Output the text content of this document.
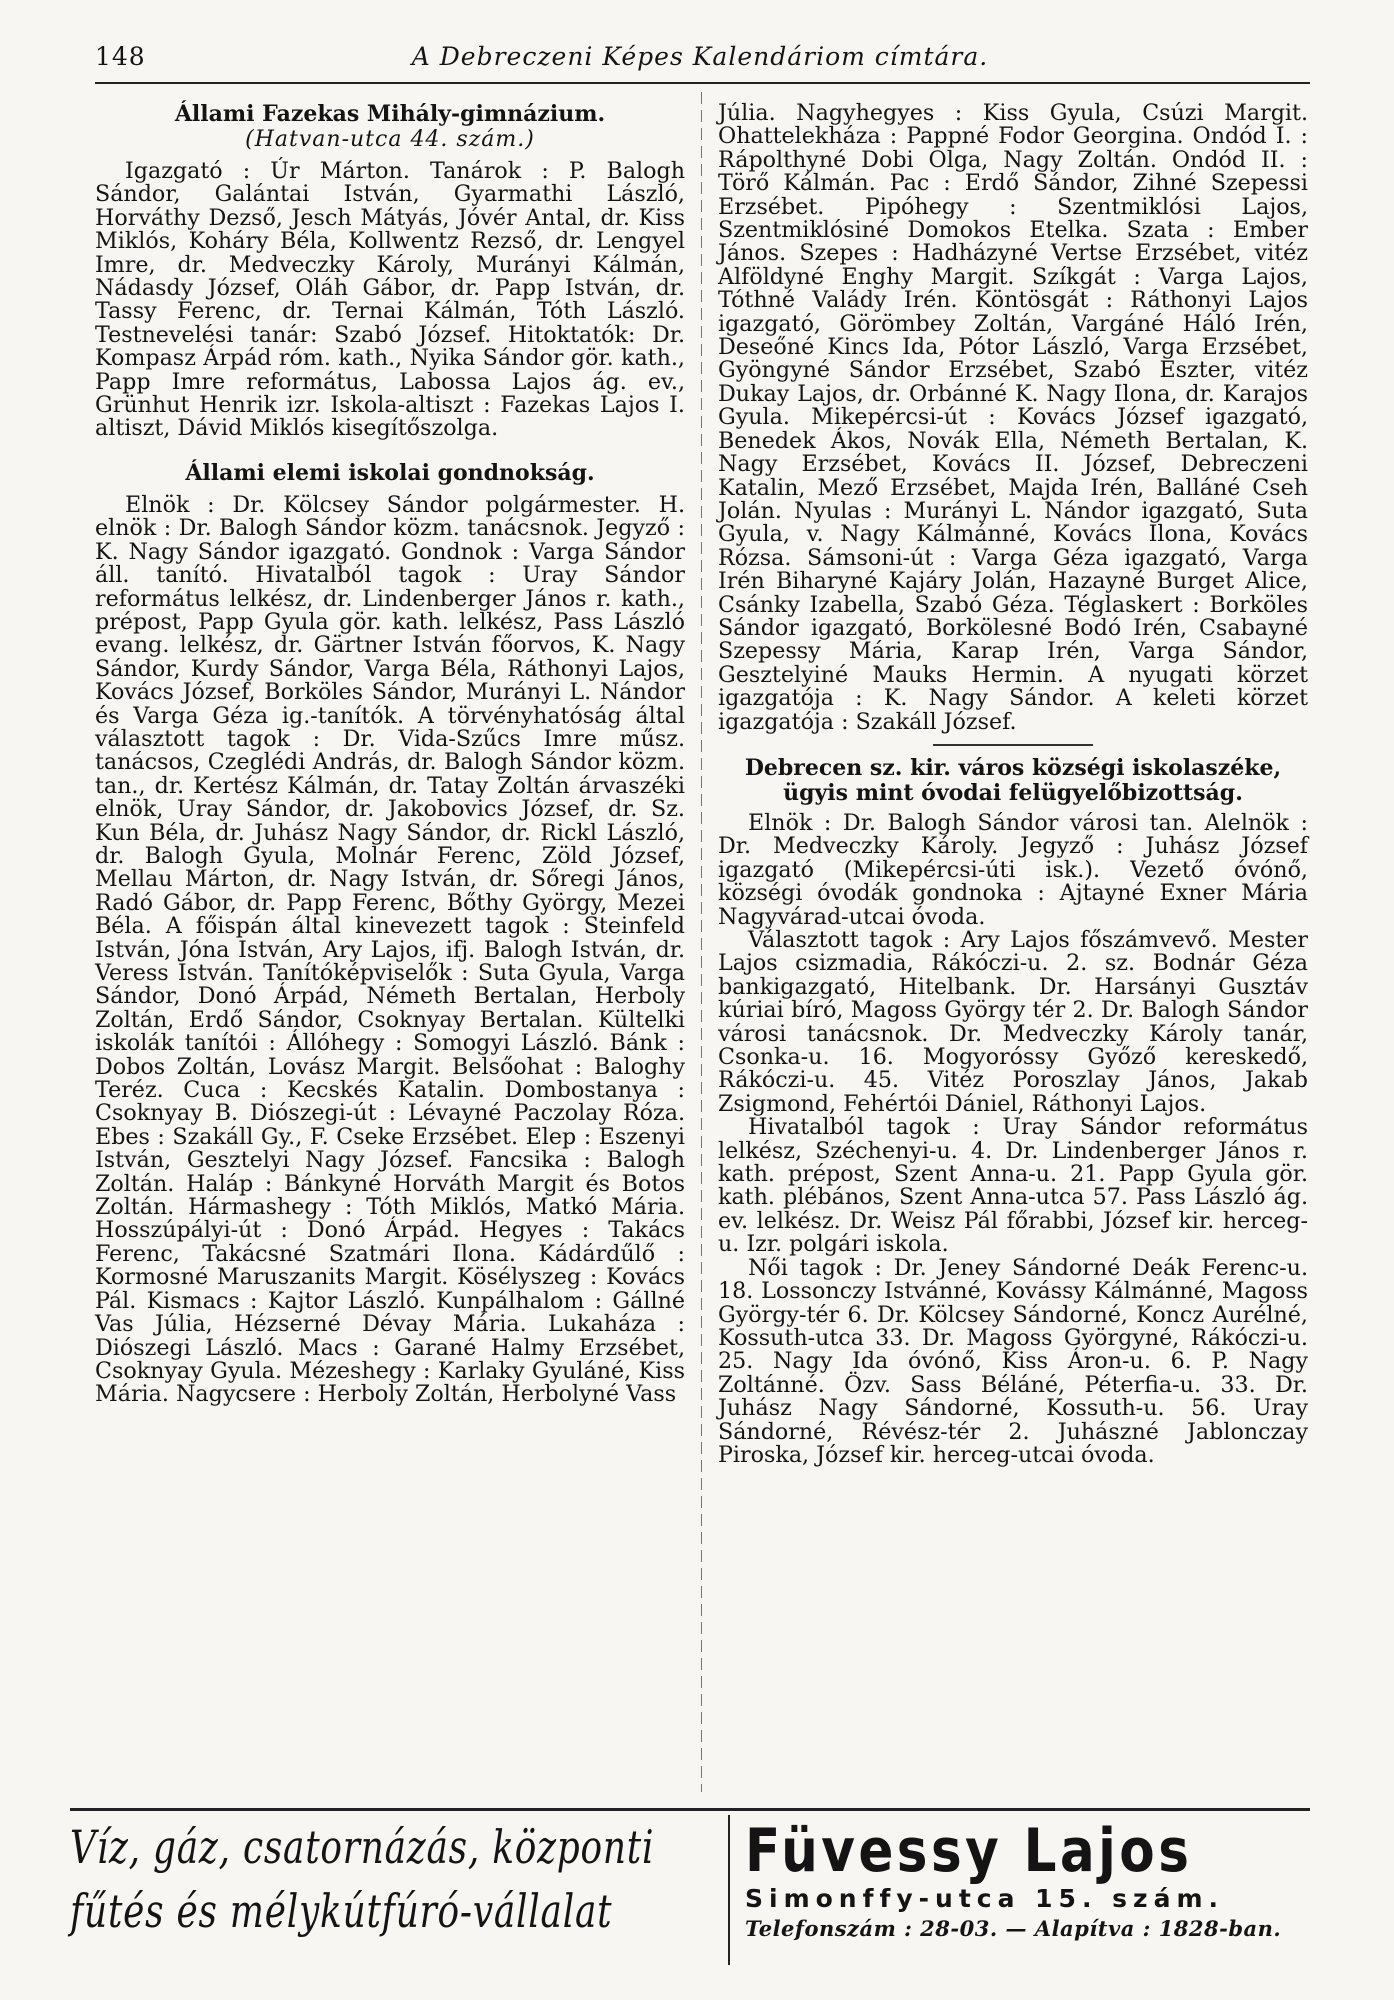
148	A Debreczeni Képes Kalendáriom címtára.

Állami Fazekas Mihály-gimnázium.

(Hatvan-utca 44. szám.)

Igazgató : Úr Márton. Tanárok : P. Balogh Sándor, Galántai István, Gyarmathi László, Horváthy Dezső, Jesch Mátyás, Jóvér Antal, dr. Kiss Miklós, Koháry Béla, Kollwentz Rezső, dr. Lengyel Imre, dr. Medveczky Károly, Murányi Kálmán, Nádasdy József, Oláh Gábor, dr. Papp István, dr. Tassy Ferenc, dr. Ternai Kálmán, Tóth László. Testnevelési tanár: Szabó József. Hitoktatók: Dr. Kompasz Árpád róm. kath., Nyika Sándor gör. kath., Papp Imre református, Labossa Lajos ág. ev., Grünhut Henrik izr. Iskola-altiszt : Fazekas Lajos I. altiszt, Dávid Miklós kisegítőszolga.

Állami elemi iskolai gondnokság.

Elnök : Dr. Kölcsey Sándor polgármester. H. elnök : Dr. Balogh Sándor közm. tanácsnok. Jegyző : K. Nagy Sándor igazgató. Gondnok : Varga Sándor áll. tanító. Hivatalból tagok : Uray Sándor református lelkész, dr. Lindenberger János r. kath., prépost, Papp Gyula gör. kath. lelkész, Pass László evang. lelkész, dr. Gärtner István főorvos, K. Nagy Sándor, Kurdy Sándor, Varga Béla, Ráthonyi Lajos, Kovács József, Borköles Sándor, Murányi L. Nándor és Varga Géza ig.-tanítók. A törvényhatóság által választott tagok : Dr. Vida-Szűcs Imre műsz. tanácsos, Czeglédi András, dr. Balogh Sándor közm. tan., dr. Kertész Kálmán, dr. Tatay Zoltán árvaszéki elnök, Uray Sándor, dr. Jakobovics József, dr. Sz. Kun Béla, dr. Juhász Nagy Sándor, dr. Rickl László, dr. Balogh Gyula, Molnár Ferenc, Zöld József, Mellau Márton, dr. Nagy István, dr. Sőregi János, Radó Gábor, dr. Papp Ferenc, Bőthy György, Mezei Béla. A főispán által kinevezett tagok : Steinfeld István, Jóna István, Ary Lajos, ifj. Balogh István, dr. Veress István. Tanítóképviselők : Suta Gyula, Varga Sándor, Donó Árpád, Németh Bertalan, Herboly Zoltán, Erdő Sándor, Csoknyay Bertalan. Kültelki iskolák tanítói : Állóhegy : Somogyi László. Bánk : Dobos Zoltán, Lovász Margit. Belsőohat : Baloghy Teréz. Cuca : Kecskés Katalin. Dombostanya : Csoknyay B. Diószegi-út : Lévayné Paczolay Róza. Ebes : Szakáll Gy., F. Cseke Erzsébet. Elep : Eszenyi István, Gesztelyi Nagy József. Fancsika : Balogh Zoltán. Haláp : Bánkyné Horváth Margit és Botos Zoltán. Hármashegy : Tóth Miklós, Matkó Mária. Hosszúpályi-út : Donó Árpád. Hegyes : Takács Ferenc, Takácsné Szatmári Ilona. Kádárdűlő : Kormosné Maruszanits Margit. Kösélyszeg : Kovács Pál. Kismacs : Kajtor László. Kunpálhalom : Gállné Vas Júlia, Hézserné Dévay Mária. Lukaháza : Diószegi László. Macs : Garané Halmy Erzsébet, Csoknyay Gyula. Mézeshegy : Karlaky Gyuláné, Kiss Mária. Nagycsere : Herboly Zoltán, Herbolyné Vass

Júlia. Nagyhegyes : Kiss Gyula, Csúzi Margit. Ohattelekháza : Pappné Fodor Georgina. Ondód I. : Rápolthyné Dobi Olga, Nagy Zoltán. Ondód II. : Törő Kálmán. Pac : Erdő Sándor, Zihné Szepessi Erzsébet. Pipóhegy : Szentmiklósi Lajos, Szentmiklósiné Domokos Etelka. Szata : Ember János. Szepes : Hadházyné Vertse Erzsébet, vitéz Alföldyné Enghy Margit. Szíkgát : Varga Lajos, Tóthné Valády Irén. Köntösgát : Ráthonyi Lajos igazgató, Görömbey Zoltán, Vargáné Háló Irén, Deseőné Kincs Ida, Pótor László, Varga Erzsébet, Gyöngyné Sándor Erzsébet, Szabó Eszter, vitéz Dukay Lajos, dr. Orbánné K. Nagy Ilona, dr. Karajos Gyula. Mikepércsi-út : Kovács József igazgató, Benedek Ákos, Novák Ella, Németh Bertalan, K. Nagy Erzsébet, Kovács II. József, Debreczeni Katalin, Mező Erzsébet, Majda Irén, Balláné Cseh Jolán. Nyulas : Murányi L. Nándor igazgató, Suta Gyula, v. Nagy Kálmánné, Kovács Ilona, Kovács Rózsa. Sámsoni-út : Varga Géza igazgató, Varga Irén Biharyné Kajáry Jolán, Hazayné Burget Alice, Csánky Izabella, Szabó Géza. Téglaskert : Borköles Sándor igazgató, Borkölesné Bodó Irén, Csabayné Szepessy Mária, Karap Irén, Varga Sándor, Gesztelyiné Mauks Hermin. A nyugati körzet igazgatója : K. Nagy Sándor. A keleti körzet igazgatója : Szakáll József.

Debrecen sz. kir. város községi iskolaszéke,

ügyis mint óvodai felügyelőbizottság.

Elnök : Dr. Balogh Sándor városi tan. Alelnök : Dr. Medveczky Károly. Jegyző : Juhász József igazgató (Mikepércsi-úti isk.). Vezető óvónő, községi óvodák gondnoka : Ajtayné Exner Mária Nagyvárad-utcai óvoda.

Választott tagok : Ary Lajos főszámvevő. Mester Lajos csizmadia, Rákóczi-u. 2. sz. Bodnár Géza bankigazgató, Hitelbank. Dr. Harsányi Gusztáv kúriai bíró, Magoss György tér 2. Dr. Balogh Sándor városi tanácsnok. Dr. Medveczky Károly tanár, Csonka-u. 16. Mogyoróssy Győző kereskedő, Rákóczi-u. 45. Vitéz Poroszlay János, Jakab Zsigmond, Fehértói Dániel, Ráthonyi Lajos.

Hivatalból tagok : Uray Sándor református lelkész, Széchenyi-u. 4. Dr. Lindenberger János r. kath. prépost, Szent Anna-u. 21. Papp Gyula gör. kath. plébános, Szent Anna-utca 57. Pass László ág. ev. lelkész. Dr. Weisz Pál főrabbi, József kir. herceg-u. Izr. polgári iskola.

Női tagok : Dr. Jeney Sándorné Deák Ferenc-u. 18. Lossonczy Istvánné, Kovássy Kálmánné, Magoss György-tér 6. Dr. Kölcsey Sándorné, Koncz Aurélné, Kossuth-utca 33. Dr. Magoss Györgyné, Rákóczi-u. 25. Nagy Ida óvónő, Kiss Áron-u. 6. P. Nagy Zoltánné. Özv. Sass Béláné, Péterfia-u. 33. Dr. Juhász Nagy Sándorné, Kossuth-u. 56. Uray Sándorné, Révész-tér 2. Juhászné Jablonczay Piroska, József kir. herceg-utcai óvoda.

Víz, gáz, csatornázás, központi
fűtés és mélykútfúró-vállalat
Füvessy Lajos
Simonffy-utca 15. szám.
Telefonszám : 28-03. — Alapítva : 1828-ban.
